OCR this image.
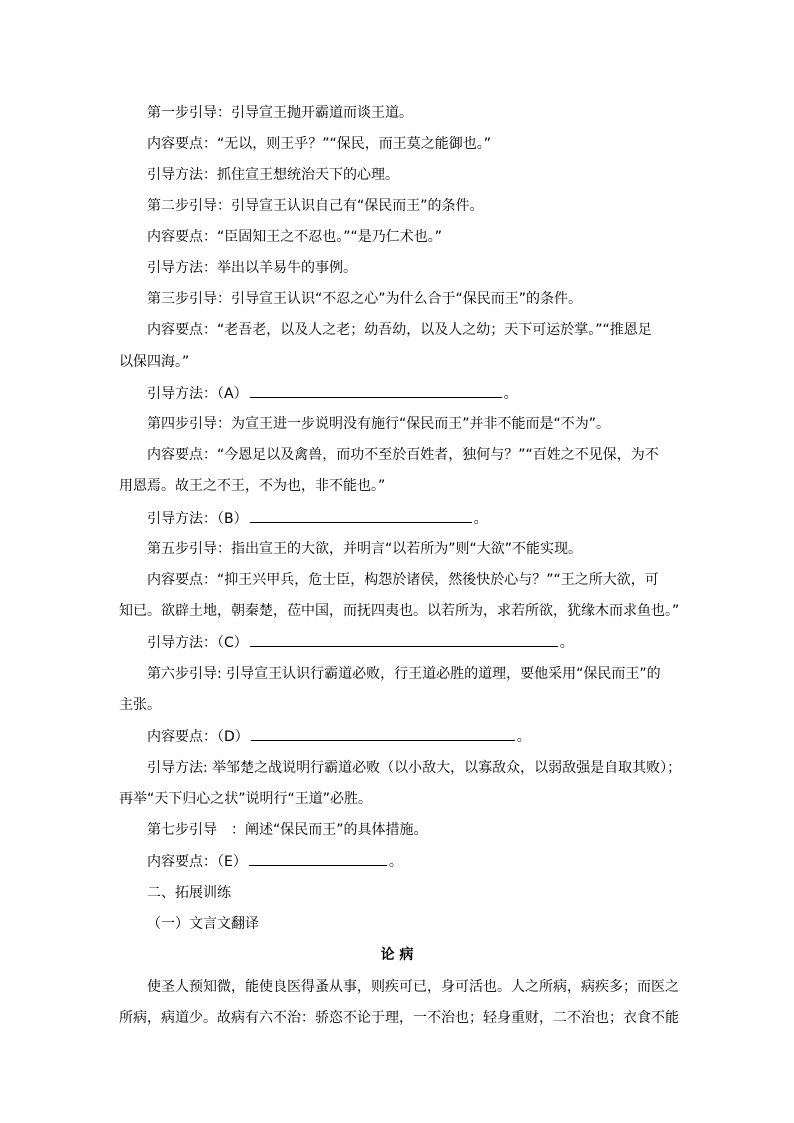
第一步引导：引导宣王抛开霸道而谈王道。
内容要点：“无以，则王乎？”“保民，而王莫之能御也。”
引导方法：抓住宣王想统治天下的心理。
第二步引导：引导宣王认识自己有“保民而王”的条件。
内容要点：“臣固知王之不忍也。”“是乃仁术也。”
引导方法：举出以羊易牛的事例。
第三步引导：引导宣王认识“不忍之心”为什么合于“保民而王”的条件。
内容要点：“老吾老，以及人之老；幼吾幼，以及人之幼；天下可运於掌。”“推恩足
以保四海。”
引导方法：（A）	。
第四步引导：为宣王进一步说明没有施行“保民而王”并非不能而是“不为”。
内容要点：“今恩足以及禽兽，而功不至於百姓者，独何与？”“百姓之不见保，为不
用恩焉。故王之不王，不为也，非不能也。”
引导方法：（B）	。
第五步引导：指出宣王的大欲，并明言“以若所为”则“大欲”不能实现。
内容要点：“抑王兴甲兵，危士臣，构怨於诸侯，然後快於心与？”“王之所大欲，可
知已。欲辟土地，朝秦楚，莅中国，而抚四夷也。以若所为，求若所欲，犹缘木而求鱼也。”
引导方法：（C）	。
第六步引导: 引导宣王认识行霸道必败，行王道必胜的道理，要他采用“保民而王”的
主张。
内容要点：（D）	。
引导方法: 举邹楚之战说明行霸道必败（以小敌大，以寡敌众，以弱敌强是自取其败）；
再举“天下归心之状”说明行“王道”必胜。
第七步引导　：阐述“保民而王”的具体措施。
内容要点：（E）	。
二、拓展训练
（一）文言文翻译
论 病
使圣人预知微，能使良医得蚤从事，则疾可已，身可活也。人之所病，病疾多；而医之
所病，病道少。故病有六不治：骄恣不论于理，一不治也；轻身重财，二不治也；衣食不能
